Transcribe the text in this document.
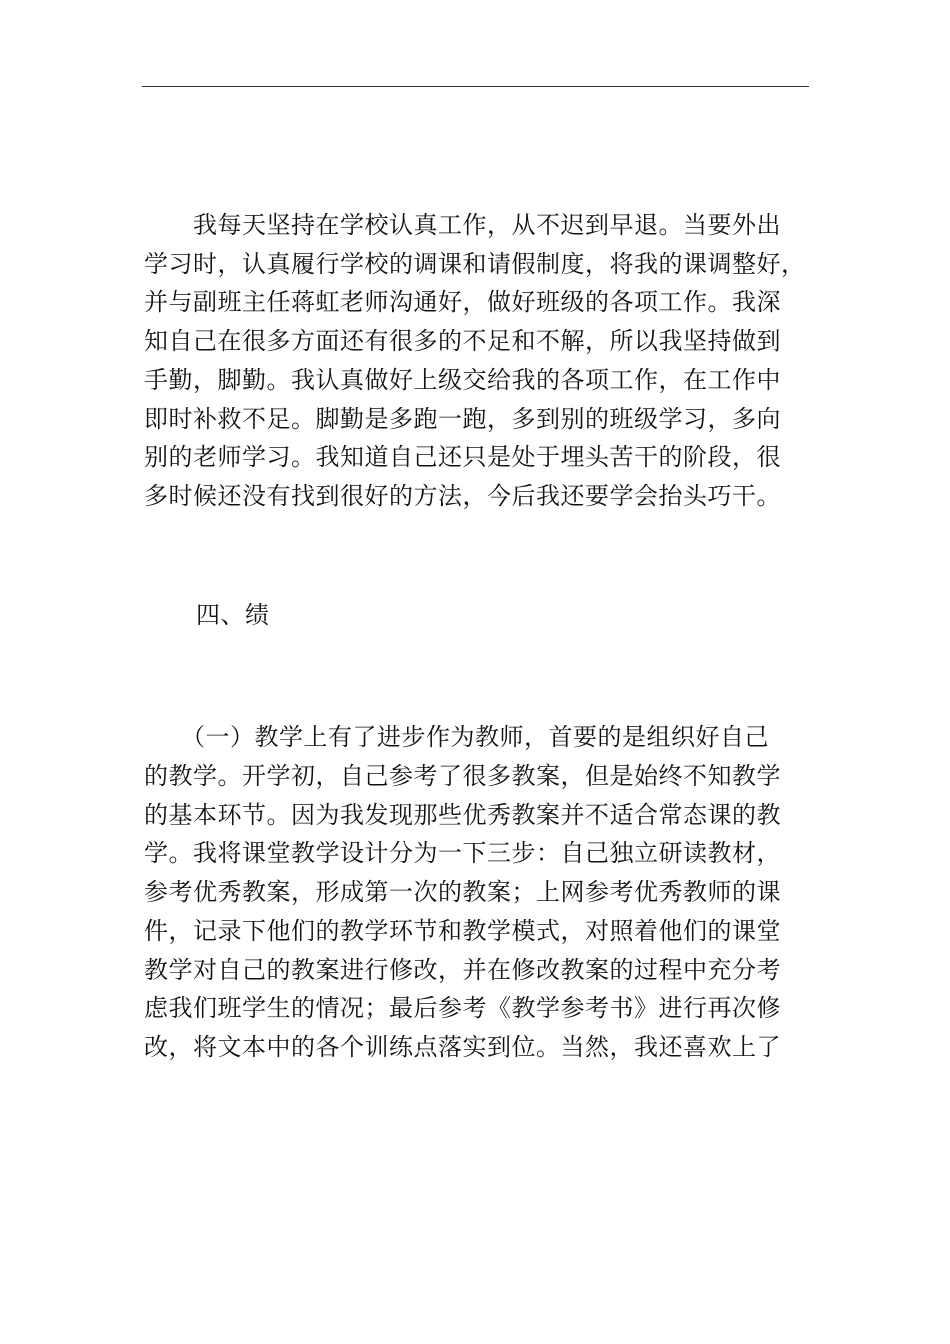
　　我每天坚持在学校认真工作，从不迟到早退。当要外出
学习时，认真履行学校的调课和请假制度，将我的课调整好，
并与副班主任蒋虹老师沟通好，做好班级的各项工作。我深
知自己在很多方面还有很多的不足和不解，所以我坚持做到
手勤，脚勤。我认真做好上级交给我的各项工作，在工作中
即时补救不足。脚勤是多跑一跑，多到别的班级学习，多向
别的老师学习。我知道自己还只是处于埋头苦干的阶段，很
多时候还没有找到很好的方法，今后我还要学会抬头巧干。

四、绩

　　（一）教学上有了进步作为教师，首要的是组织好自己
的教学。开学初，自己参考了很多教案，但是始终不知教学
的基本环节。因为我发现那些优秀教案并不适合常态课的教
学。我将课堂教学设计分为一下三步：自己独立研读教材，
参考优秀教案，形成第一次的教案；上网参考优秀教师的课
件，记录下他们的教学环节和教学模式，对照着他们的课堂
教学对自己的教案进行修改，并在修改教案的过程中充分考
虑我们班学生的情况；最后参考《教学参考书》进行再次修
改，将文本中的各个训练点落实到位。当然，我还喜欢上了
